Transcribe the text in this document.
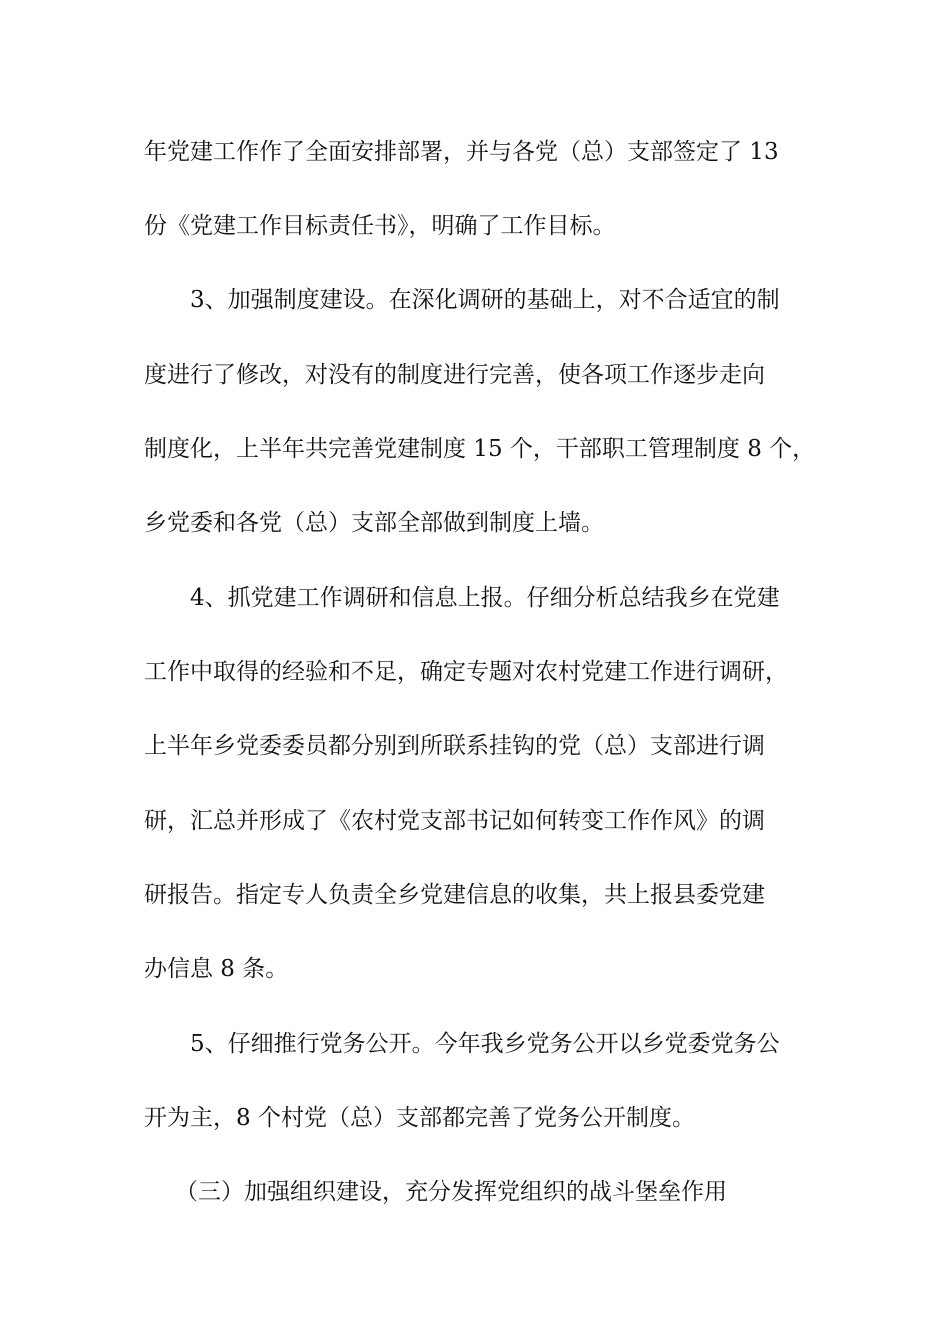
年党建工作作了全面安排部署，并与各党（总）支部签定了 13
份《党建工作目标责任书》，明确了工作目标。
3、加强制度建设。在深化调研的基础上，对不合适宜的制
度进行了修改，对没有的制度进行完善，使各项工作逐步走向
制度化，上半年共完善党建制度 15 个，干部职工管理制度 8 个，
乡党委和各党（总）支部全部做到制度上墙。
4、抓党建工作调研和信息上报。仔细分析总结我乡在党建
工作中取得的经验和不足，确定专题对农村党建工作进行调研，
上半年乡党委委员都分别到所联系挂钩的党（总）支部进行调
研，汇总并形成了《农村党支部书记如何转变工作作风》的调
研报告。指定专人负责全乡党建信息的收集，共上报县委党建
办信息 8 条。
5、仔细推行党务公开。今年我乡党务公开以乡党委党务公
开为主，8 个村党（总）支部都完善了党务公开制度。
（三）加强组织建设，充分发挥党组织的战斗堡垒作用
